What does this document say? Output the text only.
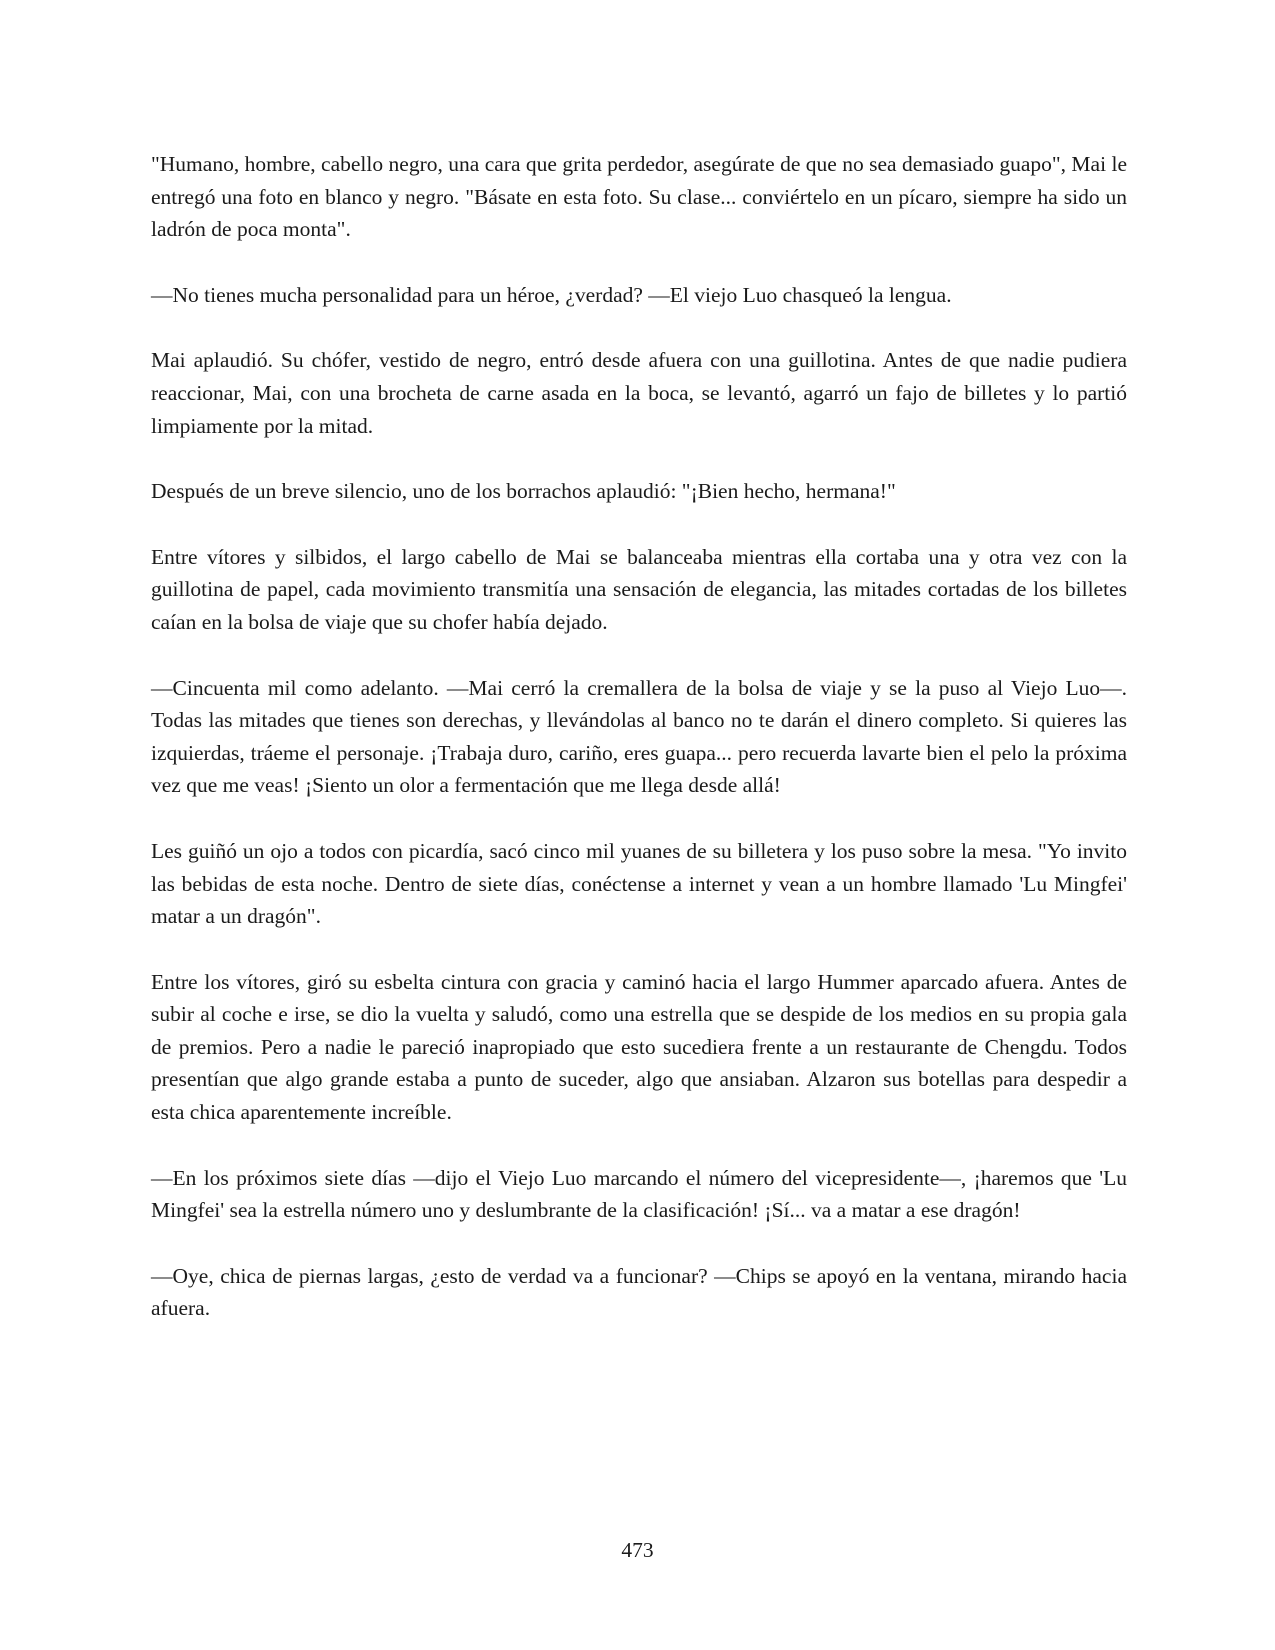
"Humano, hombre, cabello negro, una cara que grita perdedor, asegúrate de que no sea demasiado guapo", Mai le entregó una foto en blanco y negro. "Básate en esta foto. Su clase... conviértelo en un pícaro, siempre ha sido un ladrón de poca monta".

—No tienes mucha personalidad para un héroe, ¿verdad? —El viejo Luo chasqueó la lengua.

Mai aplaudió. Su chófer, vestido de negro, entró desde afuera con una guillotina. Antes de que nadie pudiera reaccionar, Mai, con una brocheta de carne asada en la boca, se levantó, agarró un fajo de billetes y lo partió limpiamente por la mitad.

Después de un breve silencio, uno de los borrachos aplaudió: "¡Bien hecho, hermana!"

Entre vítores y silbidos, el largo cabello de Mai se balanceaba mientras ella cortaba una y otra vez con la guillotina de papel, cada movimiento transmitía una sensación de elegancia, las mitades cortadas de los billetes caían en la bolsa de viaje que su chofer había dejado.

—Cincuenta mil como adelanto. —Mai cerró la cremallera de la bolsa de viaje y se la puso al Viejo Luo—. Todas las mitades que tienes son derechas, y llevándolas al banco no te darán el dinero completo. Si quieres las izquierdas, tráeme el personaje. ¡Trabaja duro, cariño, eres guapa... pero recuerda lavarte bien el pelo la próxima vez que me veas! ¡Siento un olor a fermentación que me llega desde allá!

Les guiñó un ojo a todos con picardía, sacó cinco mil yuanes de su billetera y los puso sobre la mesa. "Yo invito las bebidas de esta noche. Dentro de siete días, conéctense a internet y vean a un hombre llamado 'Lu Mingfei' matar a un dragón".

Entre los vítores, giró su esbelta cintura con gracia y caminó hacia el largo Hummer aparcado afuera. Antes de subir al coche e irse, se dio la vuelta y saludó, como una estrella que se despide de los medios en su propia gala de premios. Pero a nadie le pareció inapropiado que esto sucediera frente a un restaurante de Chengdu. Todos presentían que algo grande estaba a punto de suceder, algo que ansiaban. Alzaron sus botellas para despedir a esta chica aparentemente increíble.

—En los próximos siete días —dijo el Viejo Luo marcando el número del vicepresidente—, ¡haremos que 'Lu Mingfei' sea la estrella número uno y deslumbrante de la clasificación! ¡Sí... va a matar a ese dragón!

—Oye, chica de piernas largas, ¿esto de verdad va a funcionar? —Chips se apoyó en la ventana, mirando hacia afuera.

473
